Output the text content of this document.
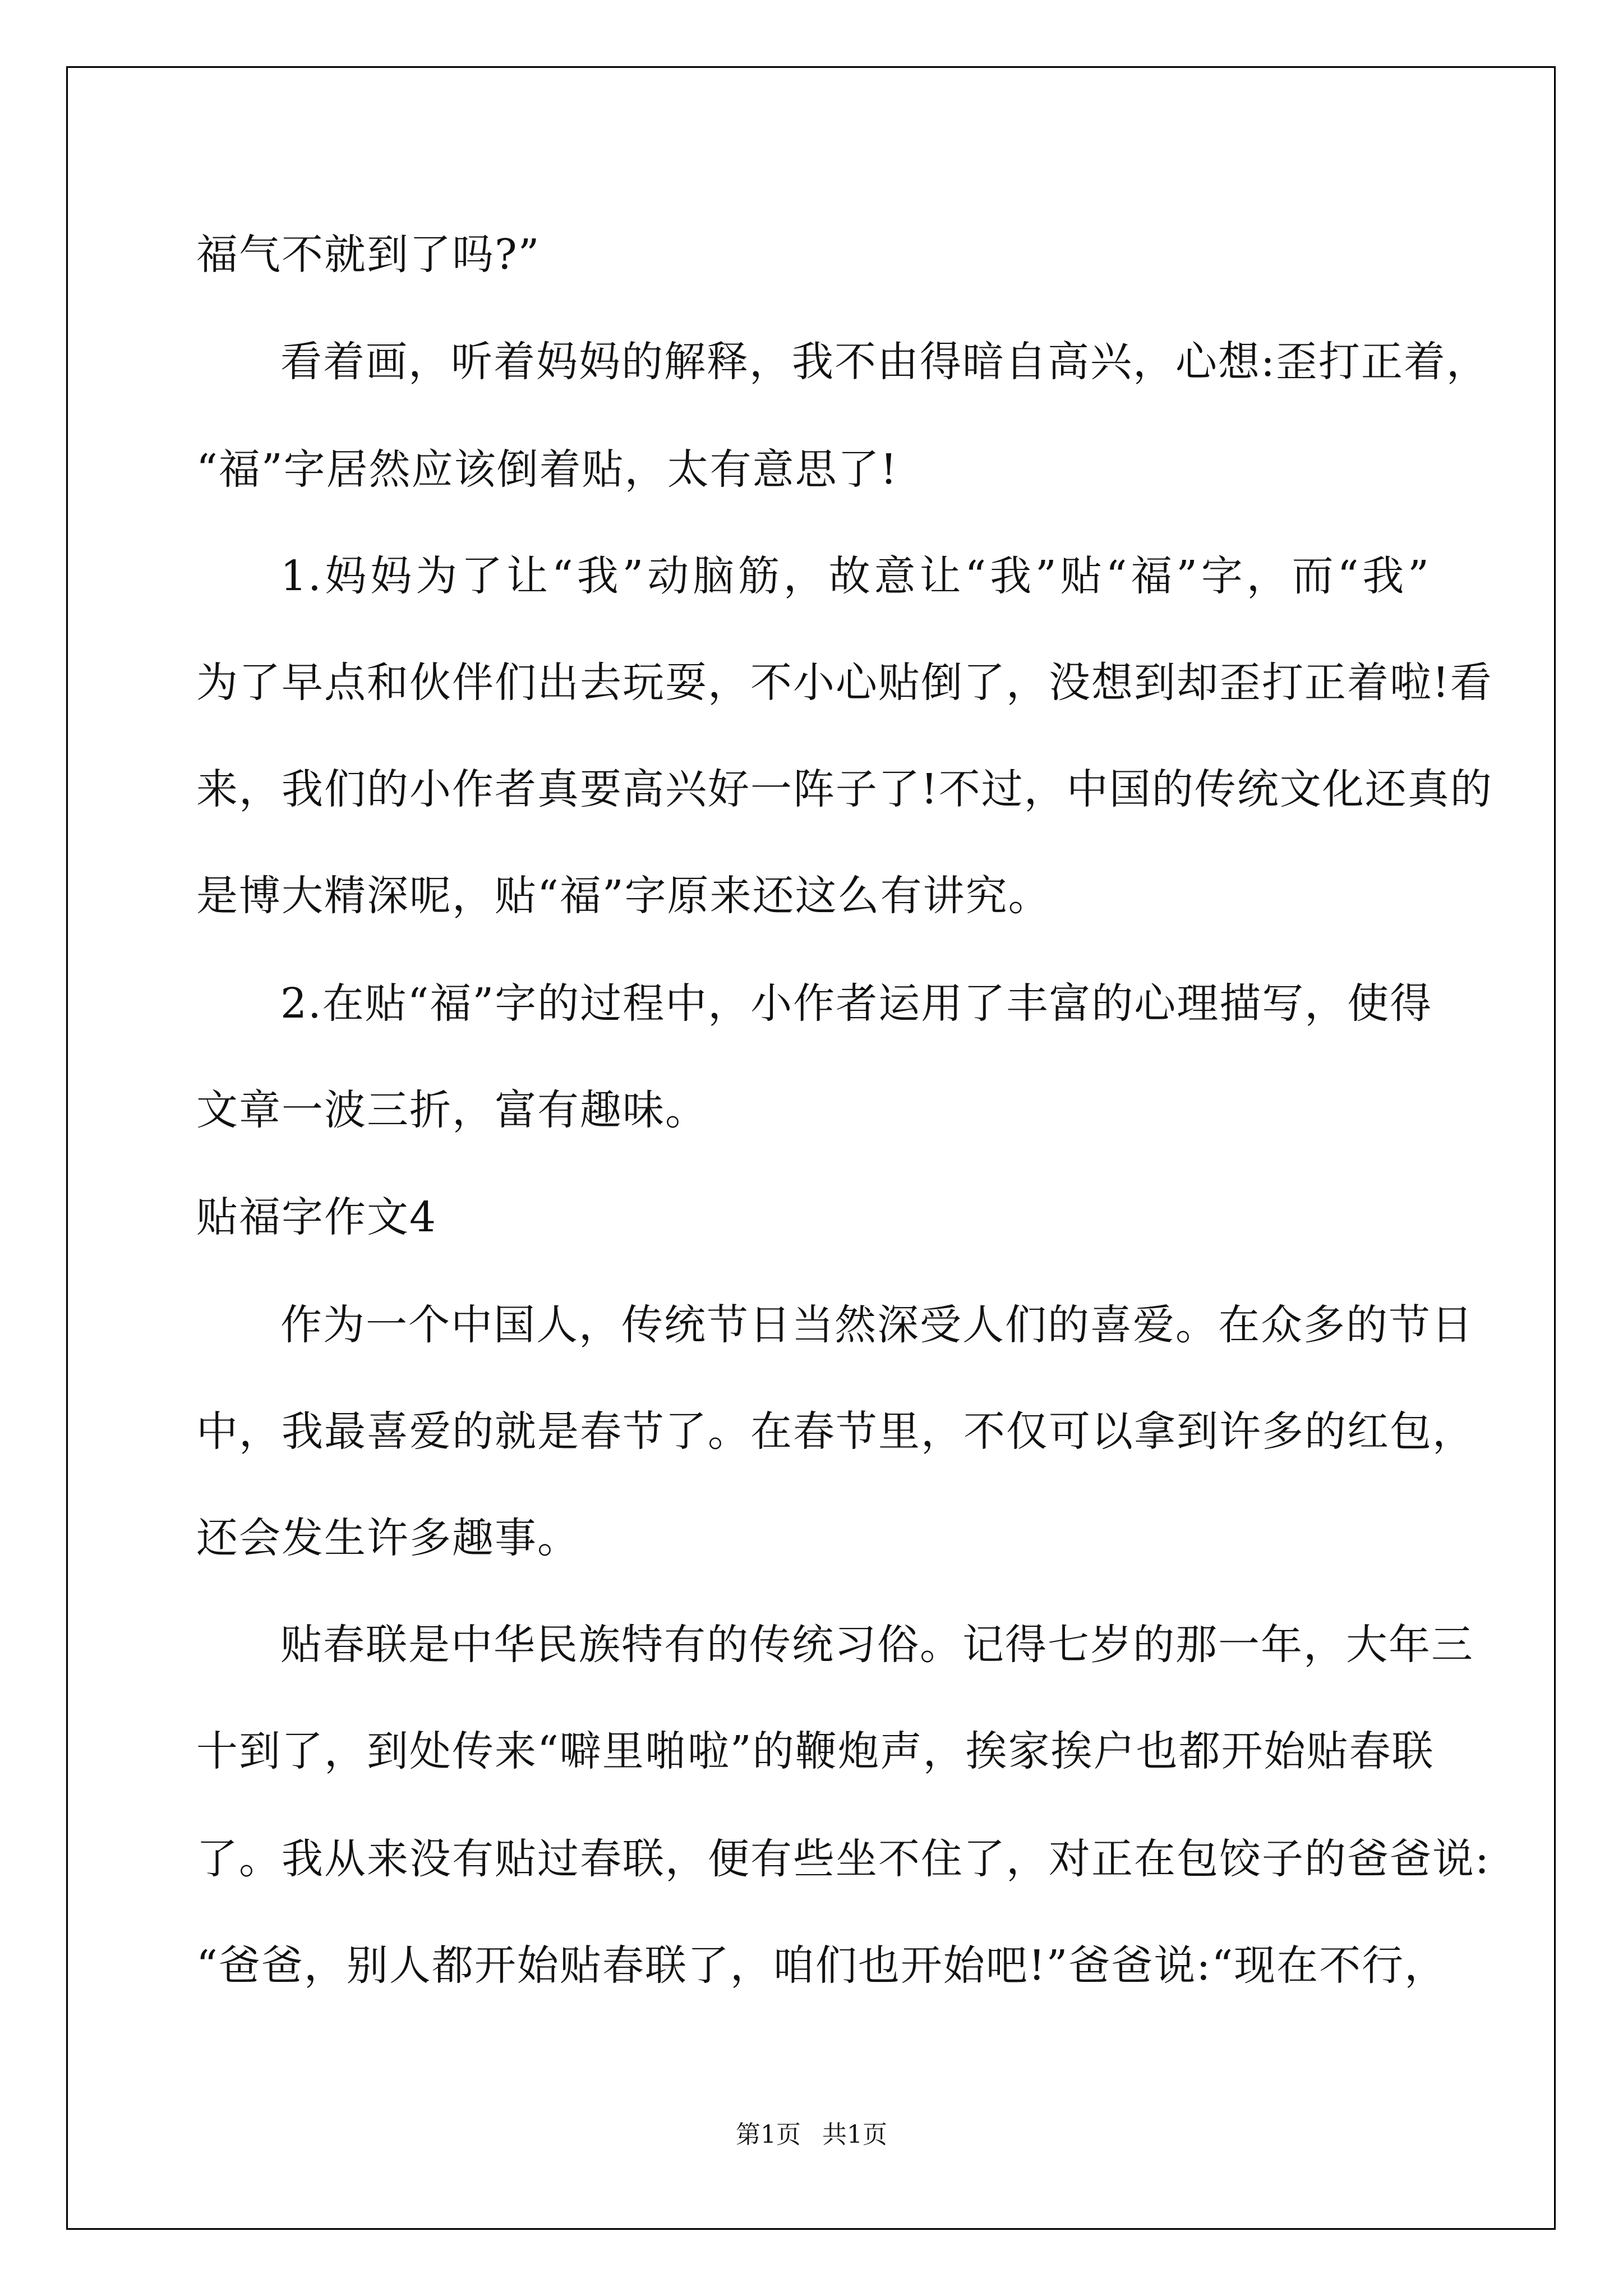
福气不就到了吗?”
看着画，听着妈妈的解释，我不由得暗自高兴，心想:歪打正着，
“福”字居然应该倒着贴，太有意思了!
1.妈妈为了让“我”动脑筋，故意让“我”贴“福”字，而“我”
为了早点和伙伴们出去玩耍，不小心贴倒了，没想到却歪打正着啦!看
来，我们的小作者真要高兴好一阵子了!不过，中国的传统文化还真的
是博大精深呢，贴“福”字原来还这么有讲究。
2.在贴“福”字的过程中，小作者运用了丰富的心理描写，使得
文章一波三折，富有趣味。
贴福字作文4
作为一个中国人，传统节日当然深受人们的喜爱。在众多的节日
中，我最喜爱的就是春节了。在春节里，不仅可以拿到许多的红包，
还会发生许多趣事。
贴春联是中华民族特有的传统习俗。记得七岁的那一年，大年三
十到了，到处传来“噼里啪啦”的鞭炮声，挨家挨户也都开始贴春联
了。我从来没有贴过春联，便有些坐不住了，对正在包饺子的爸爸说:
“爸爸，别人都开始贴春联了，咱们也开始吧!”爸爸说:“现在不行，
第1页 共1页
